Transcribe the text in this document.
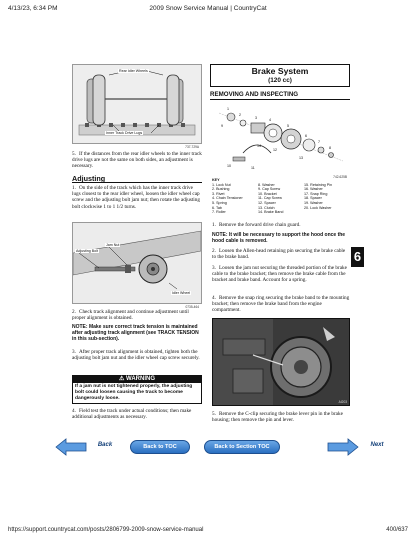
4/13/23, 6:34 PM	2009 Snow Service Manual | CountryCat
Rear Idler Wheels
Inner Track Drive Lugs
737-729A
5. If the distances from the rear idler wheels to the inner track drive lugs are not the same on both sides, an adjustment is necessary.
Adjusting
1. On the side of the track which has the inner track drive lugs closest to the rear idler wheel, loosen the idler wheel cap screw and the adjusting bolt jam nut; then rotate the adjusting bolt clockwise 1 to 1 1/2 turns.
Jam Nut
Adjusting Bolt
Idler Wheel
0735-464
2. Check track alignment and continue adjustment until proper alignment is obtained.
NOTE: Make sure correct track tension is maintained after adjusting track alignment (see TRACK TENSION in this sub-section).
3. After proper track alignment is obtained, tighten both the adjusting bolt jam nut and the idler wheel cap screw securely.
⚠ WARNING
If a jam nut is not tightened properly, the adjusting bolt could loosen causing the track to become dangerously loose.
4. Field test the track under actual conditions; then make additional adjustments as necessary.
Brake System
(120 cc)
REMOVING AND INSPECTING
1
2
3	4
5
6
7
8
9
10	11
12
13
14
742-625B
KEY
1. Lock Nut
2. Bushing
3. Rivet
4. Chain Tensioner
5. Spring
6. Tab
7. Roller
8. Washer
9. Cap Screw
10. Bracket
11. Cap Screw
12. Spacer
13. Clutch
14. Brake Band
15. Retaining Pin
16. Washer
17. Snap Ring
18. Spacer
19. Washer
20. Lock Washer
1. Remove the forward drive chain guard.
NOTE: It will be necessary to support the hood once the hood cable is removed.
2. Loosen the Allen-head retaining pin securing the brake cable to the brake band.
3. Loosen the jam nut securing the threaded portion of the brake cable to the brake bracket; then remove the brake cable from the bracket and brake band. Account for a spring.
4. Remove the snap ring securing the brake band to the mounting bracket; then remove the brake band from the engine compartment.
6
AI203
5. Remove the C-clip securing the brake lever pin in the brake housing; then remove the pin and lever.
Back	Back to TOC	Back to Section TOC	Next
https://support.countrycat.com/posts/2806799-2009-snow-service-manual	400/637
